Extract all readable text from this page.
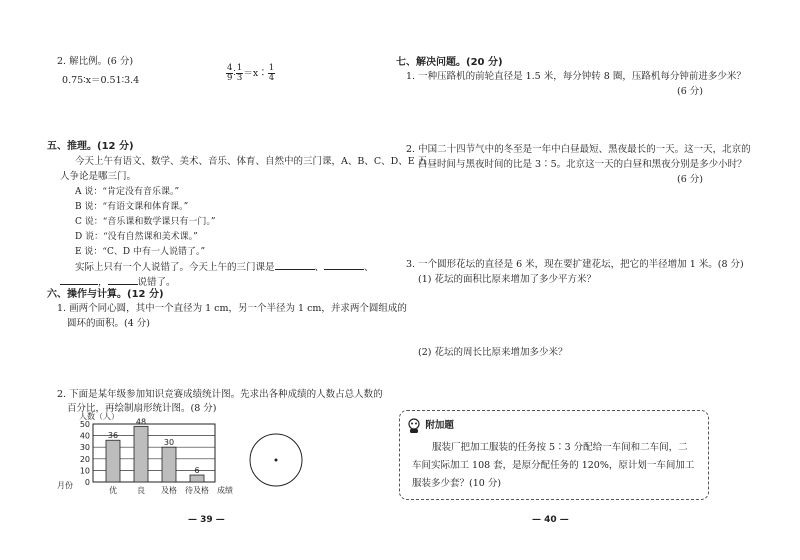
2. 解比例。(6 分)
0.75∶x＝0.51∶3.4	$\frac{4}{9}$ ∶ $\frac{1}{3}$ ＝x∶ $\frac{1}{4}$
五、推理。(12 分)
今天上午有语文、数学、美术、音乐、体育、自然中的三门课，A、B、C、D、E 五
人争论是哪三门。
A 说：“肯定没有音乐课。”
B 说：“有语文课和体育课。”
C 说：“音乐课和数学课只有一门。”
D 说：“没有自然课和美术课。”
E 说：“C、D 中有一人说错了。”
实际上只有一个人说错了。今天上午的三门课是	、	、
，	说错了。
六、操作与计算。(12 分)
1. 画两个同心圆，其中一个直径为 1 cm，另一个半径为 1 cm，并求两个圆组成的
圆环的面积。(4 分)
2. 下面是某年级参加知识竞赛成绩统计图。先求出各种成绩的人数占总人数的
百分比，再绘制扇形统计图。(8 分)
0
10
20
30
40
50
人数（人）
月份
36
优
48
良
30
及格
6
待及格 成绩
— 39 —
七、解决问题。(20 分)
1. 一种压路机的前轮直径是 1.5 米，每分钟转 8 圈，压路机每分钟前进多少米？
(6 分)
2. 中国二十四节气中的冬至是一年中白昼最短、黑夜最长的一天。这一天，北京的
白昼时间与黑夜时间的比是 3∶5。北京这一天的白昼和黑夜分别是多少小时？
(6 分)
3. 一个圆形花坛的直径是 6 米，现在要扩建花坛，把它的半径增加 1 米。(8 分)
(1) 花坛的面积比原来增加了多少平方米？
(2) 花坛的周长比原来增加多少米？
附加题
服装厂把加工服装的任务按 5∶3 分配给一车间和二车间，二车间实际加工 108 套，是原分配任务的 120%，原计划一车间加工服装多少套？(10 分)
— 40 —
